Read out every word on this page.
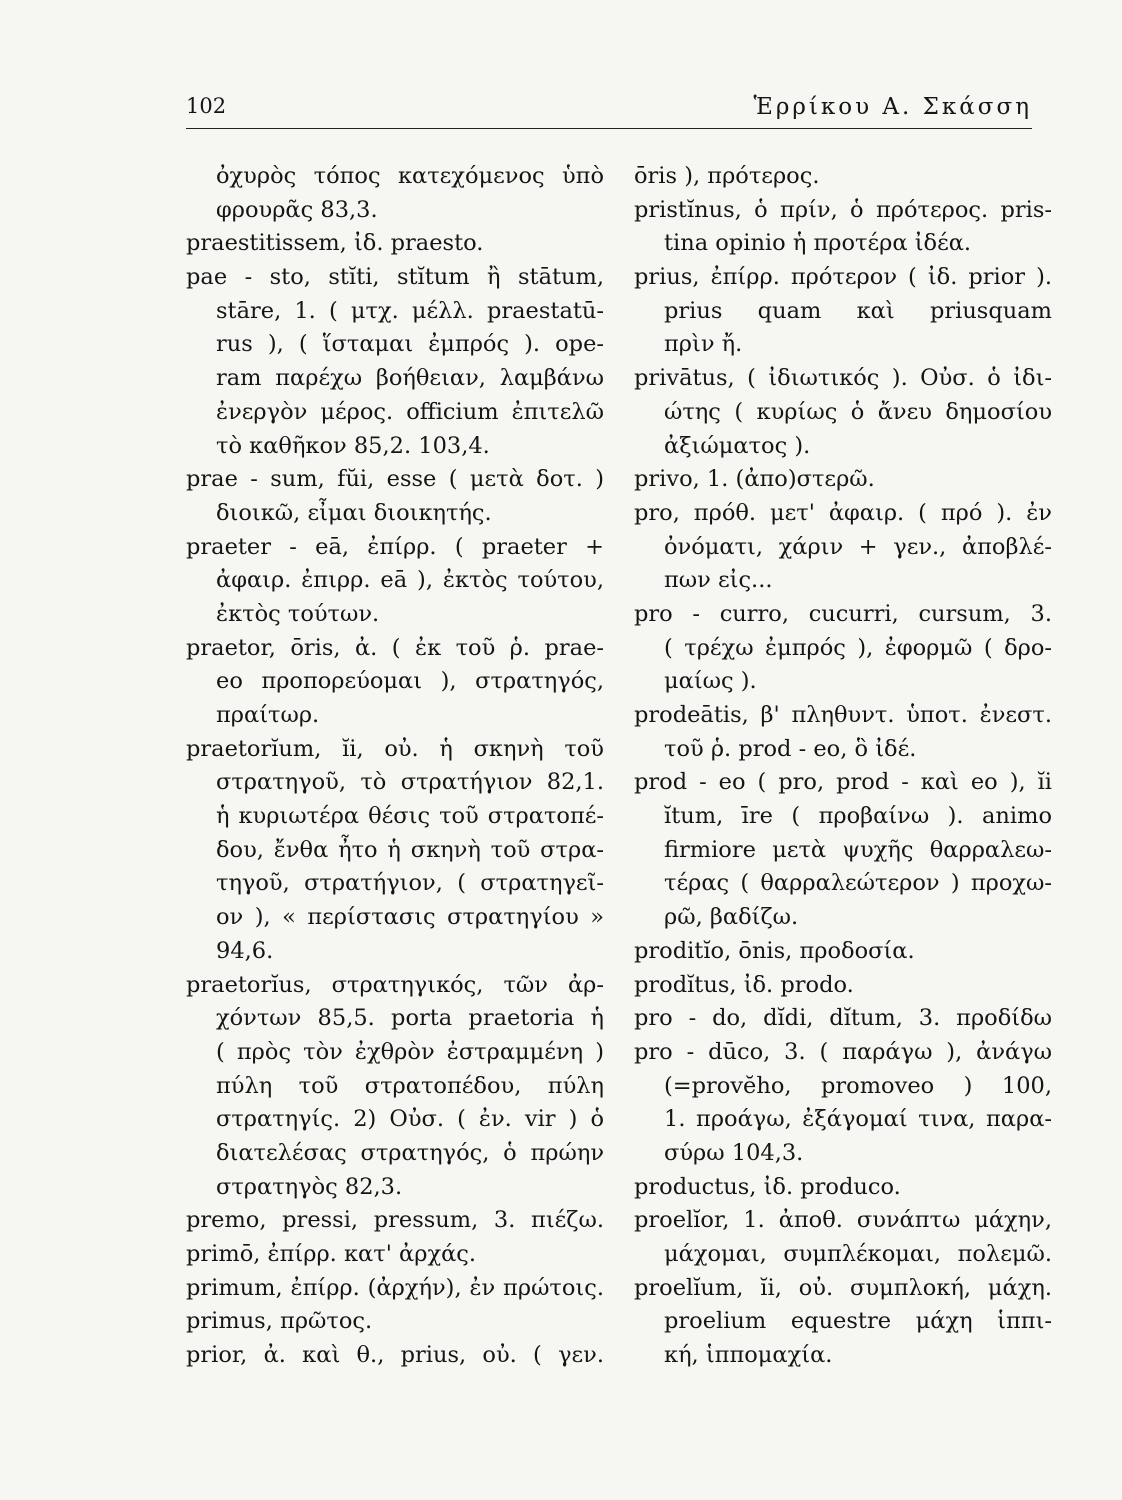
102	Ἑρρίκου Α. Σκάσση
ὀχυρὸς τόπος κατεχόμενος ὑπὸ
φρουρᾶς 83,3.
praestitissem, ἰδ. praesto.
pae - sto, stĭti, stĭtum ἢ stātum,
stāre, 1. ( μτχ. μέλλ. praestatū-
rus ), ( ἵσταμαι ἐμπρός ). ope-
ram παρέχω βοήθειαν, λαμβάνω
ἐνεργὸν μέρος. officium ἐπιτελῶ
τὸ καθῆκον 85,2. 103,4.
prae - sum, fŭi, esse ( μετὰ δοτ. )
διοικῶ, εἶμαι διοικητής.
praeter - eā, ἐπίρρ. ( praeter +
ἀφαιρ. ἐπιρρ. eā ), ἐκτὸς τούτου,
ἐκτὸς τούτων.
praetor, ōris, ἀ. ( ἐκ τοῦ ῥ. prae-
eo προπορεύομαι ), στρατηγός,
πραίτωρ.
praetorĭum, ĭi, οὐ. ἡ σκηνὴ τοῦ
στρατηγοῦ, τὸ στρατήγιον 82,1.
ἡ κυριωτέρα θέσις τοῦ στρατοπέ-
δου, ἔνθα ἦτο ἡ σκηνὴ τοῦ στρα-
τηγοῦ, στρατήγιον, ( στρατηγεῖ-
ον ), « περίστασις στρατηγίου »
94,6.
praetorĭus, στρατηγικός, τῶν ἀρ-
χόντων 85,5. porta praetoria ἡ
( πρὸς τὸν ἐχθρὸν ἐστραμμένη )
πύλη τοῦ στρατοπέδου, πύλη
στρατηγίς. 2) Οὐσ. ( ἐν. vir ) ὁ
διατελέσας στρατηγός, ὁ πρώην
στρατηγὸς 82,3.
premo, pressi, pressum, 3. πιέζω.
primō, ἐπίρρ. κατ' ἀρχάς.
primum, ἐπίρρ. (ἀρχήν), ἐν πρώτοις.
primus, πρῶτος.
prior, ἀ. καὶ θ., prius, οὐ. ( γεν.
ōris ), πρότερος.
pristĭnus, ὁ πρίν, ὁ πρότερος. pris-
tina opinio ἡ προτέρα ἰδέα.
prius, ἐπίρρ. πρότερον ( ἰδ. prior ).
prius quam καὶ priusquam
πρὶν ἤ.
privātus, ( ἰδιωτικός ). Οὐσ. ὁ ἰδι-
ώτης ( κυρίως ὁ ἄνευ δημοσίου
ἀξιώματος ).
privo, 1. (ἀπο)στερῶ.
pro, πρόθ. μετ' ἀφαιρ. ( πρό ). ἐν
ὀνόματι, χάριν + γεν., ἀποβλέ-
πων εἰς...
pro - curro, cucurri, cursum, 3.
( τρέχω ἐμπρός ), ἐφορμῶ ( δρο-
μαίως ).
prodeātis, β' πληθυντ. ὑποτ. ἐνεστ.
τοῦ ῥ. prod - eo, ὃ ἰδέ.
prod - eo ( pro, prod - καὶ eo ), ĭi
ĭtum, īre ( προβαίνω ). animo
firmiore μετὰ ψυχῆς θαρραλεω-
τέρας ( θαρραλεώτερον ) προχω-
ρῶ, βαδίζω.
proditĭo, ōnis, προδοσία.
prodĭtus, ἰδ. prodo.
pro - do, dĭdi, dĭtum, 3. προδίδω
pro - dūco, 3. ( παράγω ), ἀνάγω
(=provĕho, promoveo ) 100,
1. προάγω, ἐξάγομαί τινα, παρα-
σύρω 104,3.
productus, ἰδ. produco.
proelĭor, 1. ἀποθ. συνάπτω μάχην,
μάχομαι, συμπλέκομαι, πολεμῶ.
proelĭum, ĭi, οὐ. συμπλοκή, μάχη.
proelium equestre μάχη ἱππι-
κή, ἱππομαχία.
